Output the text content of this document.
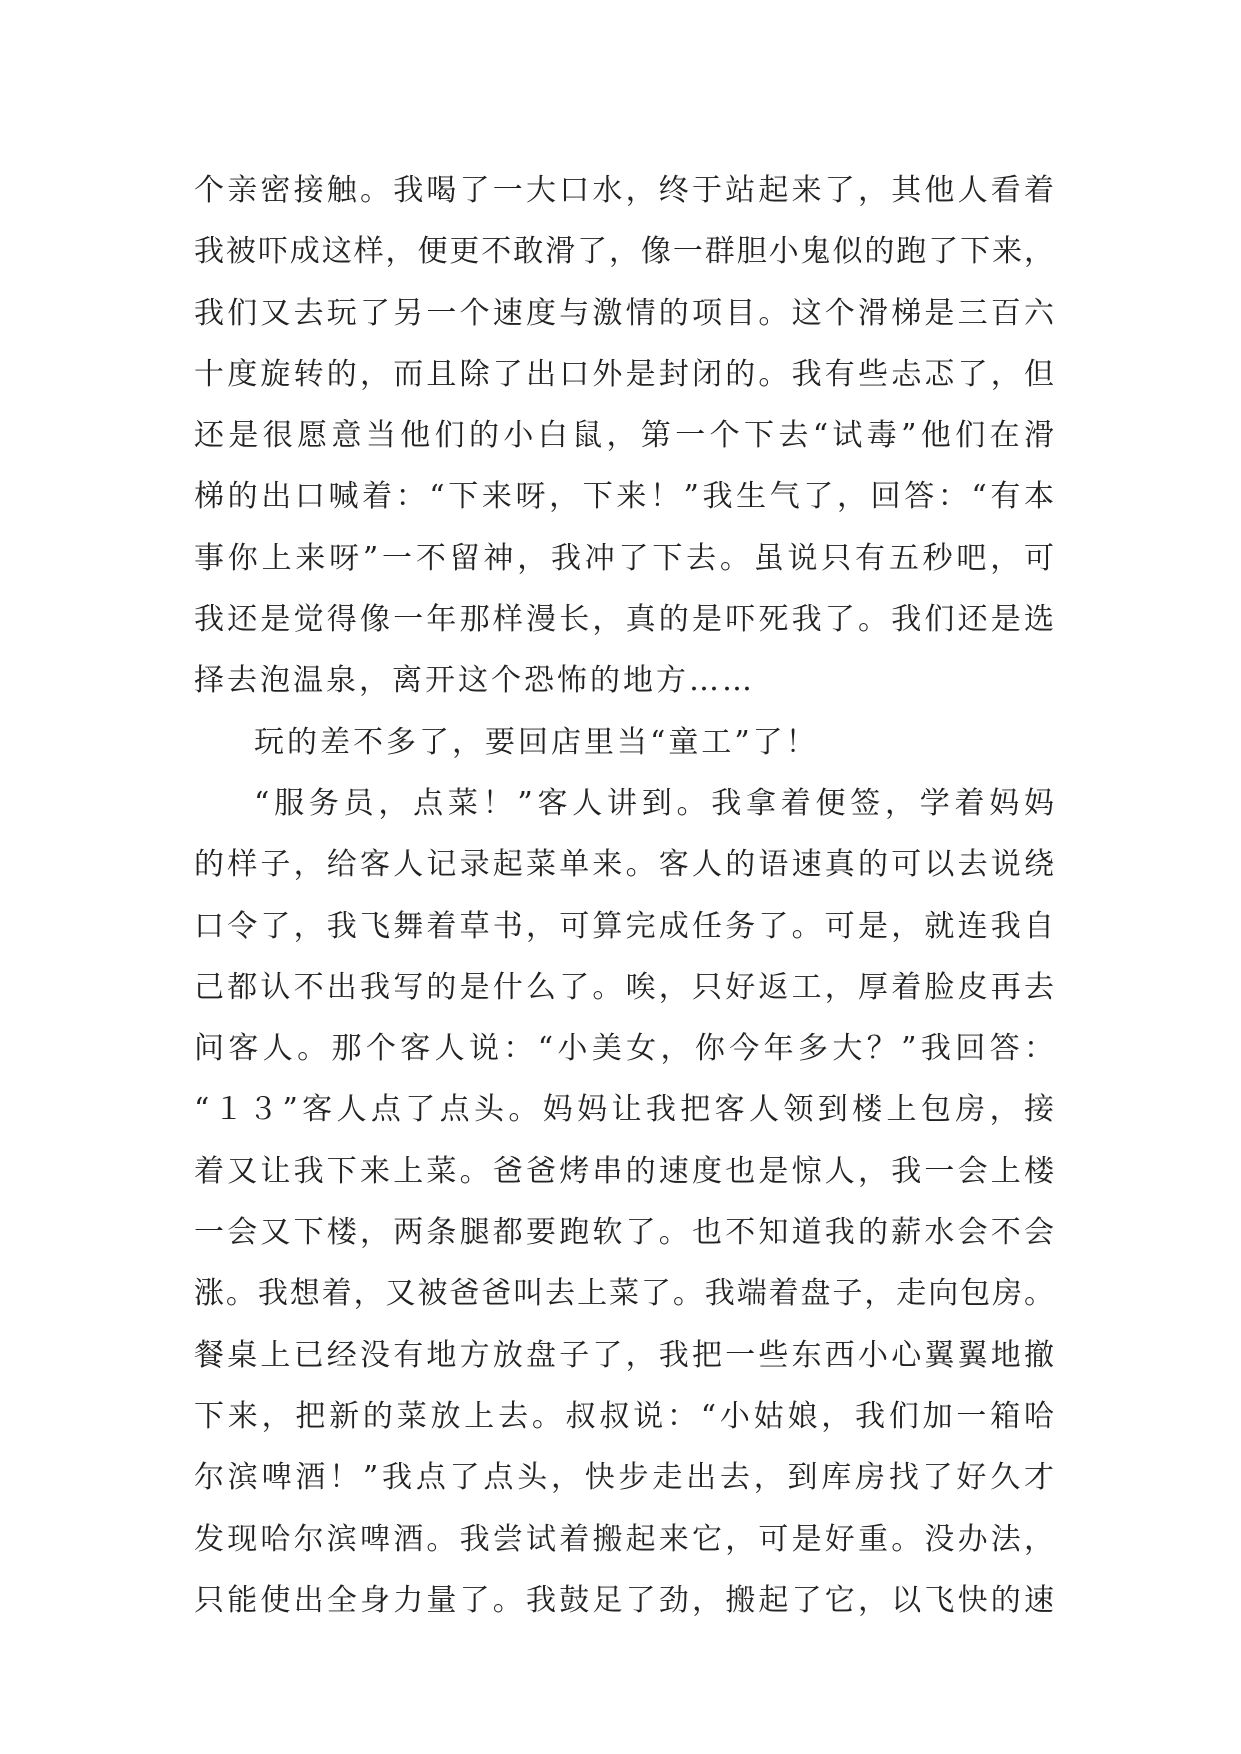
个亲密接触。我喝了一大口水，终于站起来了，其他人看着
我被吓成这样，便更不敢滑了，像一群胆小鬼似的跑了下来，
我们又去玩了另一个速度与激情的项目。这个滑梯是三百六
十度旋转的，而且除了出口外是封闭的。我有些忐忑了，但
还是很愿意当他们的小白鼠，第一个下去“试毒”他们在滑
梯的出口喊着：“下来呀，下来！”我生气了，回答：“有本
事你上来呀”一不留神，我冲了下去。虽说只有五秒吧，可
我还是觉得像一年那样漫长，真的是吓死我了。我们还是选
择去泡温泉，离开这个恐怖的地方……
玩的差不多了，要回店里当“童工”了！
“服务员，点菜！”客人讲到。我拿着便签，学着妈妈
的样子，给客人记录起菜单来。客人的语速真的可以去说绕
口令了，我飞舞着草书，可算完成任务了。可是，就连我自
己都认不出我写的是什么了。唉，只好返工，厚着脸皮再去
问客人。那个客人说：“小美女，你今年多大？”我回答：
“１３”客人点了点头。妈妈让我把客人领到楼上包房，接
着又让我下来上菜。爸爸烤串的速度也是惊人，我一会上楼
一会又下楼，两条腿都要跑软了。也不知道我的薪水会不会
涨。我想着，又被爸爸叫去上菜了。我端着盘子，走向包房。
餐桌上已经没有地方放盘子了，我把一些东西小心翼翼地撤
下来，把新的菜放上去。叔叔说：“小姑娘，我们加一箱哈
尔滨啤酒！”我点了点头，快步走出去，到库房找了好久才
发现哈尔滨啤酒。我尝试着搬起来它，可是好重。没办法，
只能使出全身力量了。我鼓足了劲，搬起了它，以飞快的速
